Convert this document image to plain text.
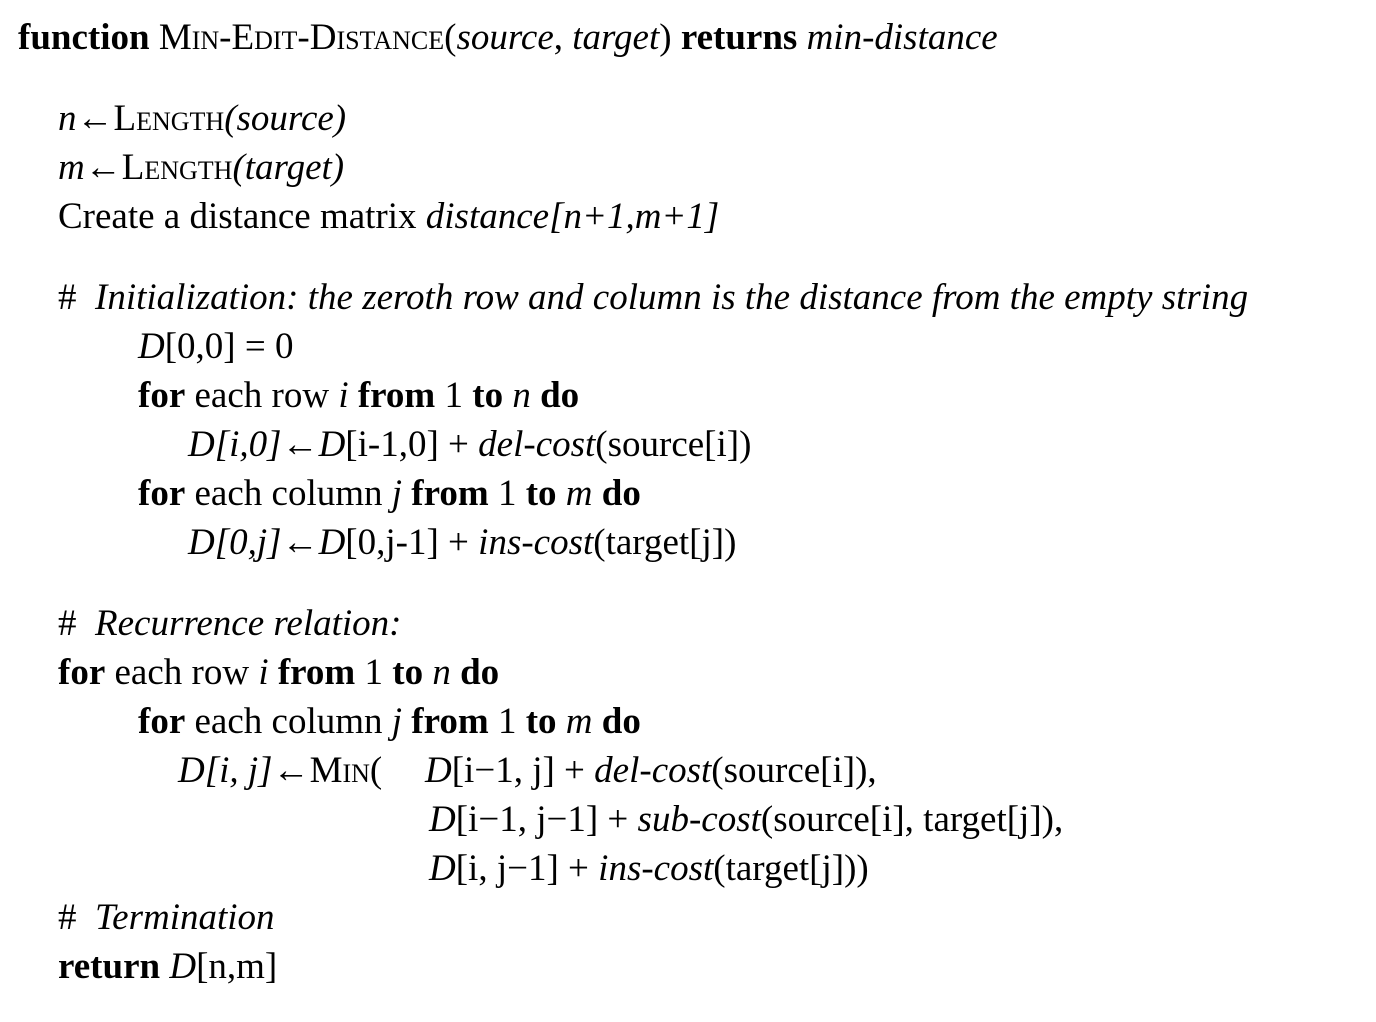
function Min-Edit-Distance(source, target) returns min-distance
n←Length(source)
m←Length(target)
Create a distance matrix distance[n+1,m+1]
# Initialization: the zeroth row and column is the distance from the empty string
D[0,0] = 0
for each row i from 1 to n do
D[i,0]←D[i-1,0] + del-cost(source[i])
for each column j from 1 to m do
D[0,j]←D[0,j-1] + ins-cost(target[j])
# Recurrence relation:
for each row i from 1 to n do
for each column j from 1 to m do
D[i, j]←Min( D[i−1, j] + del-cost(source[i]),
D[i−1, j−1] + sub-cost(source[i], target[j]),
D[i, j−1] + ins-cost(target[j]))
# Termination
return D[n,m]
